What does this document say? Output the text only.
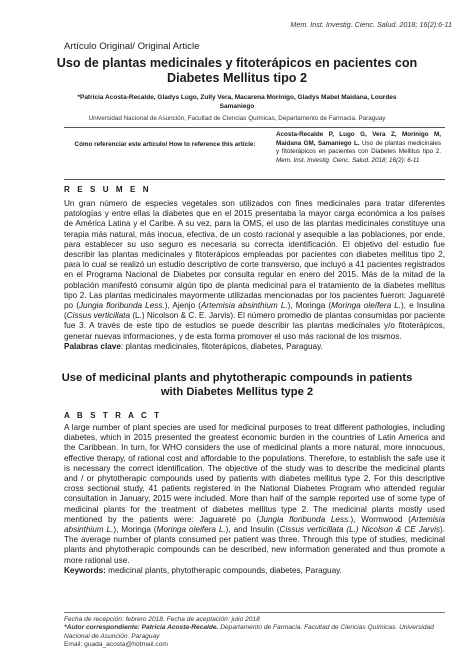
Mem. Inst. Investig. Cienc. Salud. 2018; 16(2):6-11
Artículo Original/ Original Article
Uso de plantas medicinales y fitoterápicos en pacientes con Diabetes Mellitus tipo 2
*Patricia Acosta-Recalde, Gladys Lugo, Zully Vera, Macarena Morinigo, Gladys Mabel Maidana, Lourdes Samaniego
Universidad Nacional de Asunción, Facultad de Ciencias Químicas, Departamento de Farmacia. Paraguay
Cómo referenciar este artículo/ How to reference this article:
Acosta-Recalde P, Lugo G, Vera Z, Morinigo M, Maidana GM, Samaniego L. Uso de plantas medicinales y fitoterápicos en pacientes con Diabetes Mellitus tipo 2. Mem. Inst. Investig. Cienc. Salud. 2018; 16(2): 6-11
R E S U M E N

Un gran número de especies vegetales son utilizados con fines medicinales para tratar diferentes patologías y entre ellas la diabetes que en el 2015 presentaba la mayor carga económica a los países de América Latina y el Caribe. A su vez, para la OMS, el uso de las plantas medicinales constituye una terapia más natural, más inocua, efectiva, de un costo racional y asequible a las poblaciones, por ende, para establecer su uso seguro es necesaria su correcta identificación. El objetivo del estudio fue describir las plantas medicinales y fitoterápicos empleadas por pacientes con diabetes mellitus tipo 2, para lo cual se realizó un estudio descriptivo de corte transverso, que incluyó a 41 pacientes registrados en el Programa Nacional de Diabetes por consulta regular en enero del 2015. Más de la mitad de la población manifestó consumir algún tipo de planta medicinal para el tratamiento de la diabetes mellitus tipo 2. Las plantas medicinales mayormente utilizadas mencionadas por los pacientes fueron: Jaguareté po (Jungia floribunda Less.), Ajenjo (Artemisia absinthium L.), Moringa (Moringa oleífera L.), e Insulina (Cissus verticillata (L.) Nicolson & C. E. Jarvis). El número promedio de plantas consumidas por paciente fue 3. A través de este tipo de estudios se puede describir las plantas medicinales y/o fitoterápicos, generar nuevas informaciones, y de esta forma promover el uso más racional de los mismos.

Palabras clave: plantas medicinales, fitoterápicos, diabetes, Paraguay.

Use of medicinal plants and phytotherapic compounds in patients with Diabetes Mellitus type 2
A B S T R A C T

A large number of plant species are used for medicinal purposes to treat different pathologies, including diabetes, which in 2015 presented the greatest economic burden in the countries of Latin America and the Caribbean. In turn, for WHO considers the use of medicinal plants a more natural, more innocuous, effective therapy, of rational cost and affordable to the populations. Therefore, to establish the safe use it is necessary the correct identification. The objective of the study was to describe the medicinal plants and / or phytotherapic compounds used by patients with diabetes mellitus type 2. For this descriptive cross sectional study, 41 patients registered in the National Diabetes Program who attended regular consultation in January, 2015 were included. More than half of the sample reported use of some type of medicinal plants for the treatment of diabetes mellitus type 2. The medicinal plants mostly used mentioned by the patients were: Jaguareté po (Jungia floribunda Less.), Wormwood (Artemisia absinthium L.), Moringa (Moringa oleifera L.), and Insulin (Cissus verticillata (L.) Nicolson & CE Jarvis). The average number of plants consumed per patient was three. Through this type of studies, medicinal plants and phytotherapic compounds can be described, new information generated and thus promote a more rational use.

Keywords: medicinal plants, phytotherapic compounds, diabetes, Paraguay.

Fecha de recepción: febrero 2018. Fecha de aceptación: julio 2018
*Autor correspondiente: Patricia Acosta-Recalde. Departamento de Farmacia. Facultad de Ciencias Químicas. Universidad Nacional de Asunción. Paraguay
Email: guada_acosta@hotmail.com
